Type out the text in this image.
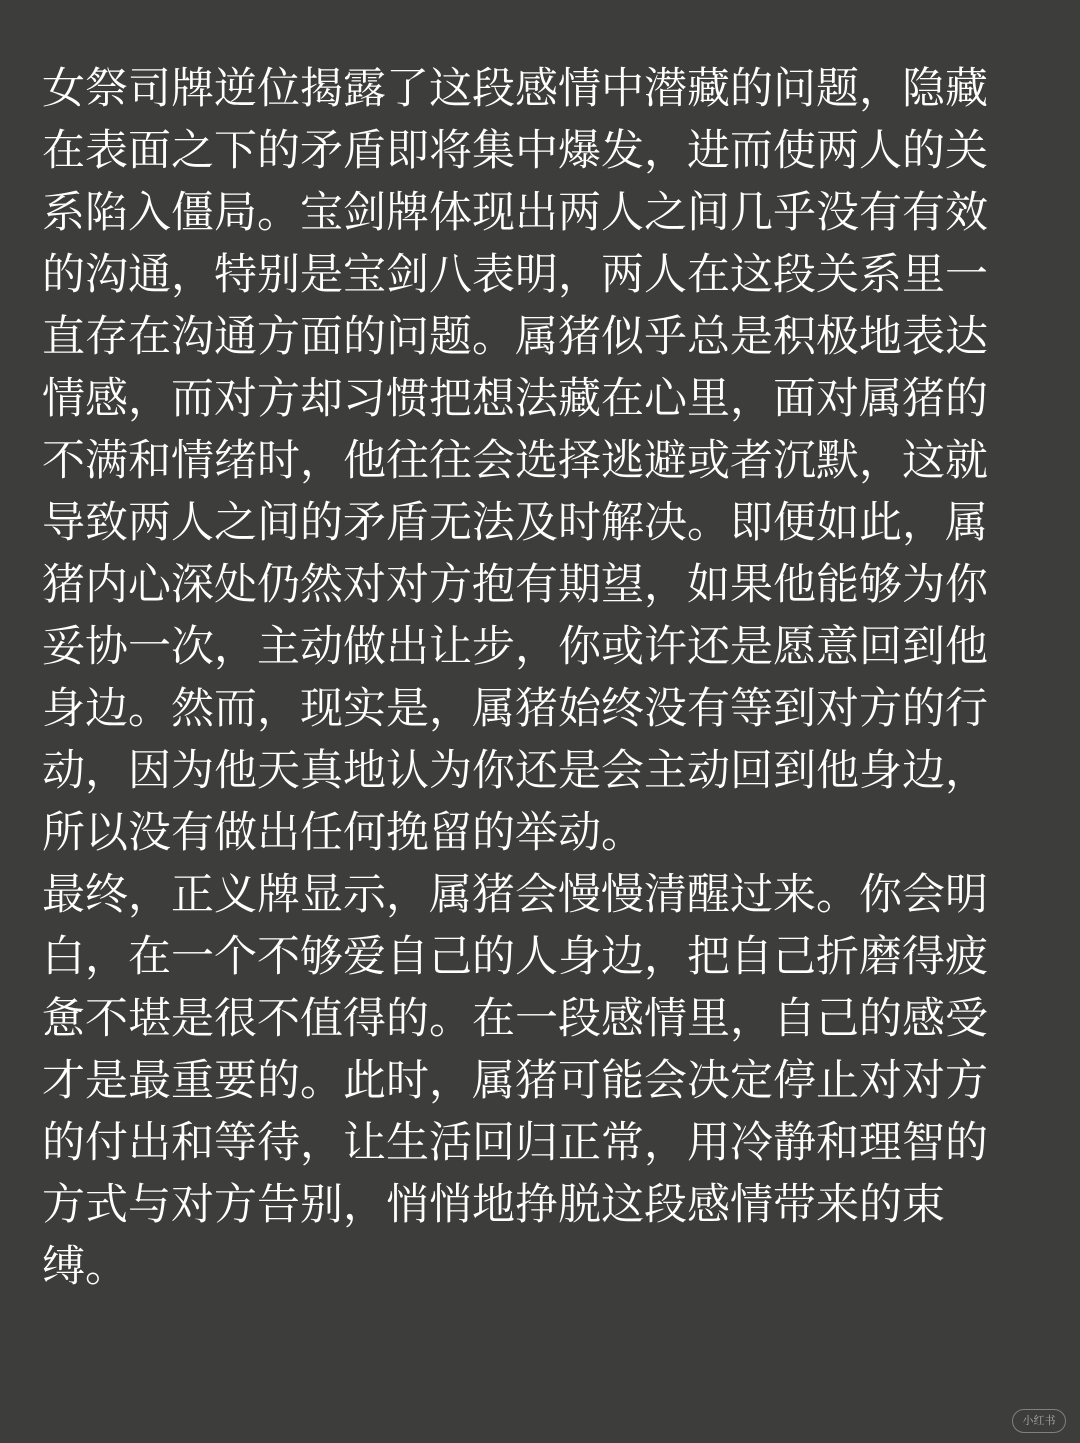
女祭司牌逆位揭露了这段感情中潜藏的问题，隐藏
在表面之下的矛盾即将集中爆发，进而使两人的关
系陷入僵局。宝剑牌体现出两人之间几乎没有有效
的沟通，特别是宝剑八表明，两人在这段关系里一
直存在沟通方面的问题。属猪似乎总是积极地表达
情感，而对方却习惯把想法藏在心里，面对属猪的
不满和情绪时，他往往会选择逃避或者沉默，这就
导致两人之间的矛盾无法及时解决。即便如此，属
猪内心深处仍然对对方抱有期望，如果他能够为你
妥协一次，主动做出让步，你或许还是愿意回到他
身边。然而，现实是，属猪始终没有等到对方的行
动，因为他天真地认为你还是会主动回到他身边，
所以没有做出任何挽留的举动。
最终，正义牌显示，属猪会慢慢清醒过来。你会明
白，在一个不够爱自己的人身边，把自己折磨得疲
惫不堪是很不值得的。在一段感情里，自己的感受
才是最重要的。此时，属猪可能会决定停止对对方
的付出和等待，让生活回归正常，用冷静和理智的
方式与对方告别，悄悄地挣脱这段感情带来的束
缚。
小红书
